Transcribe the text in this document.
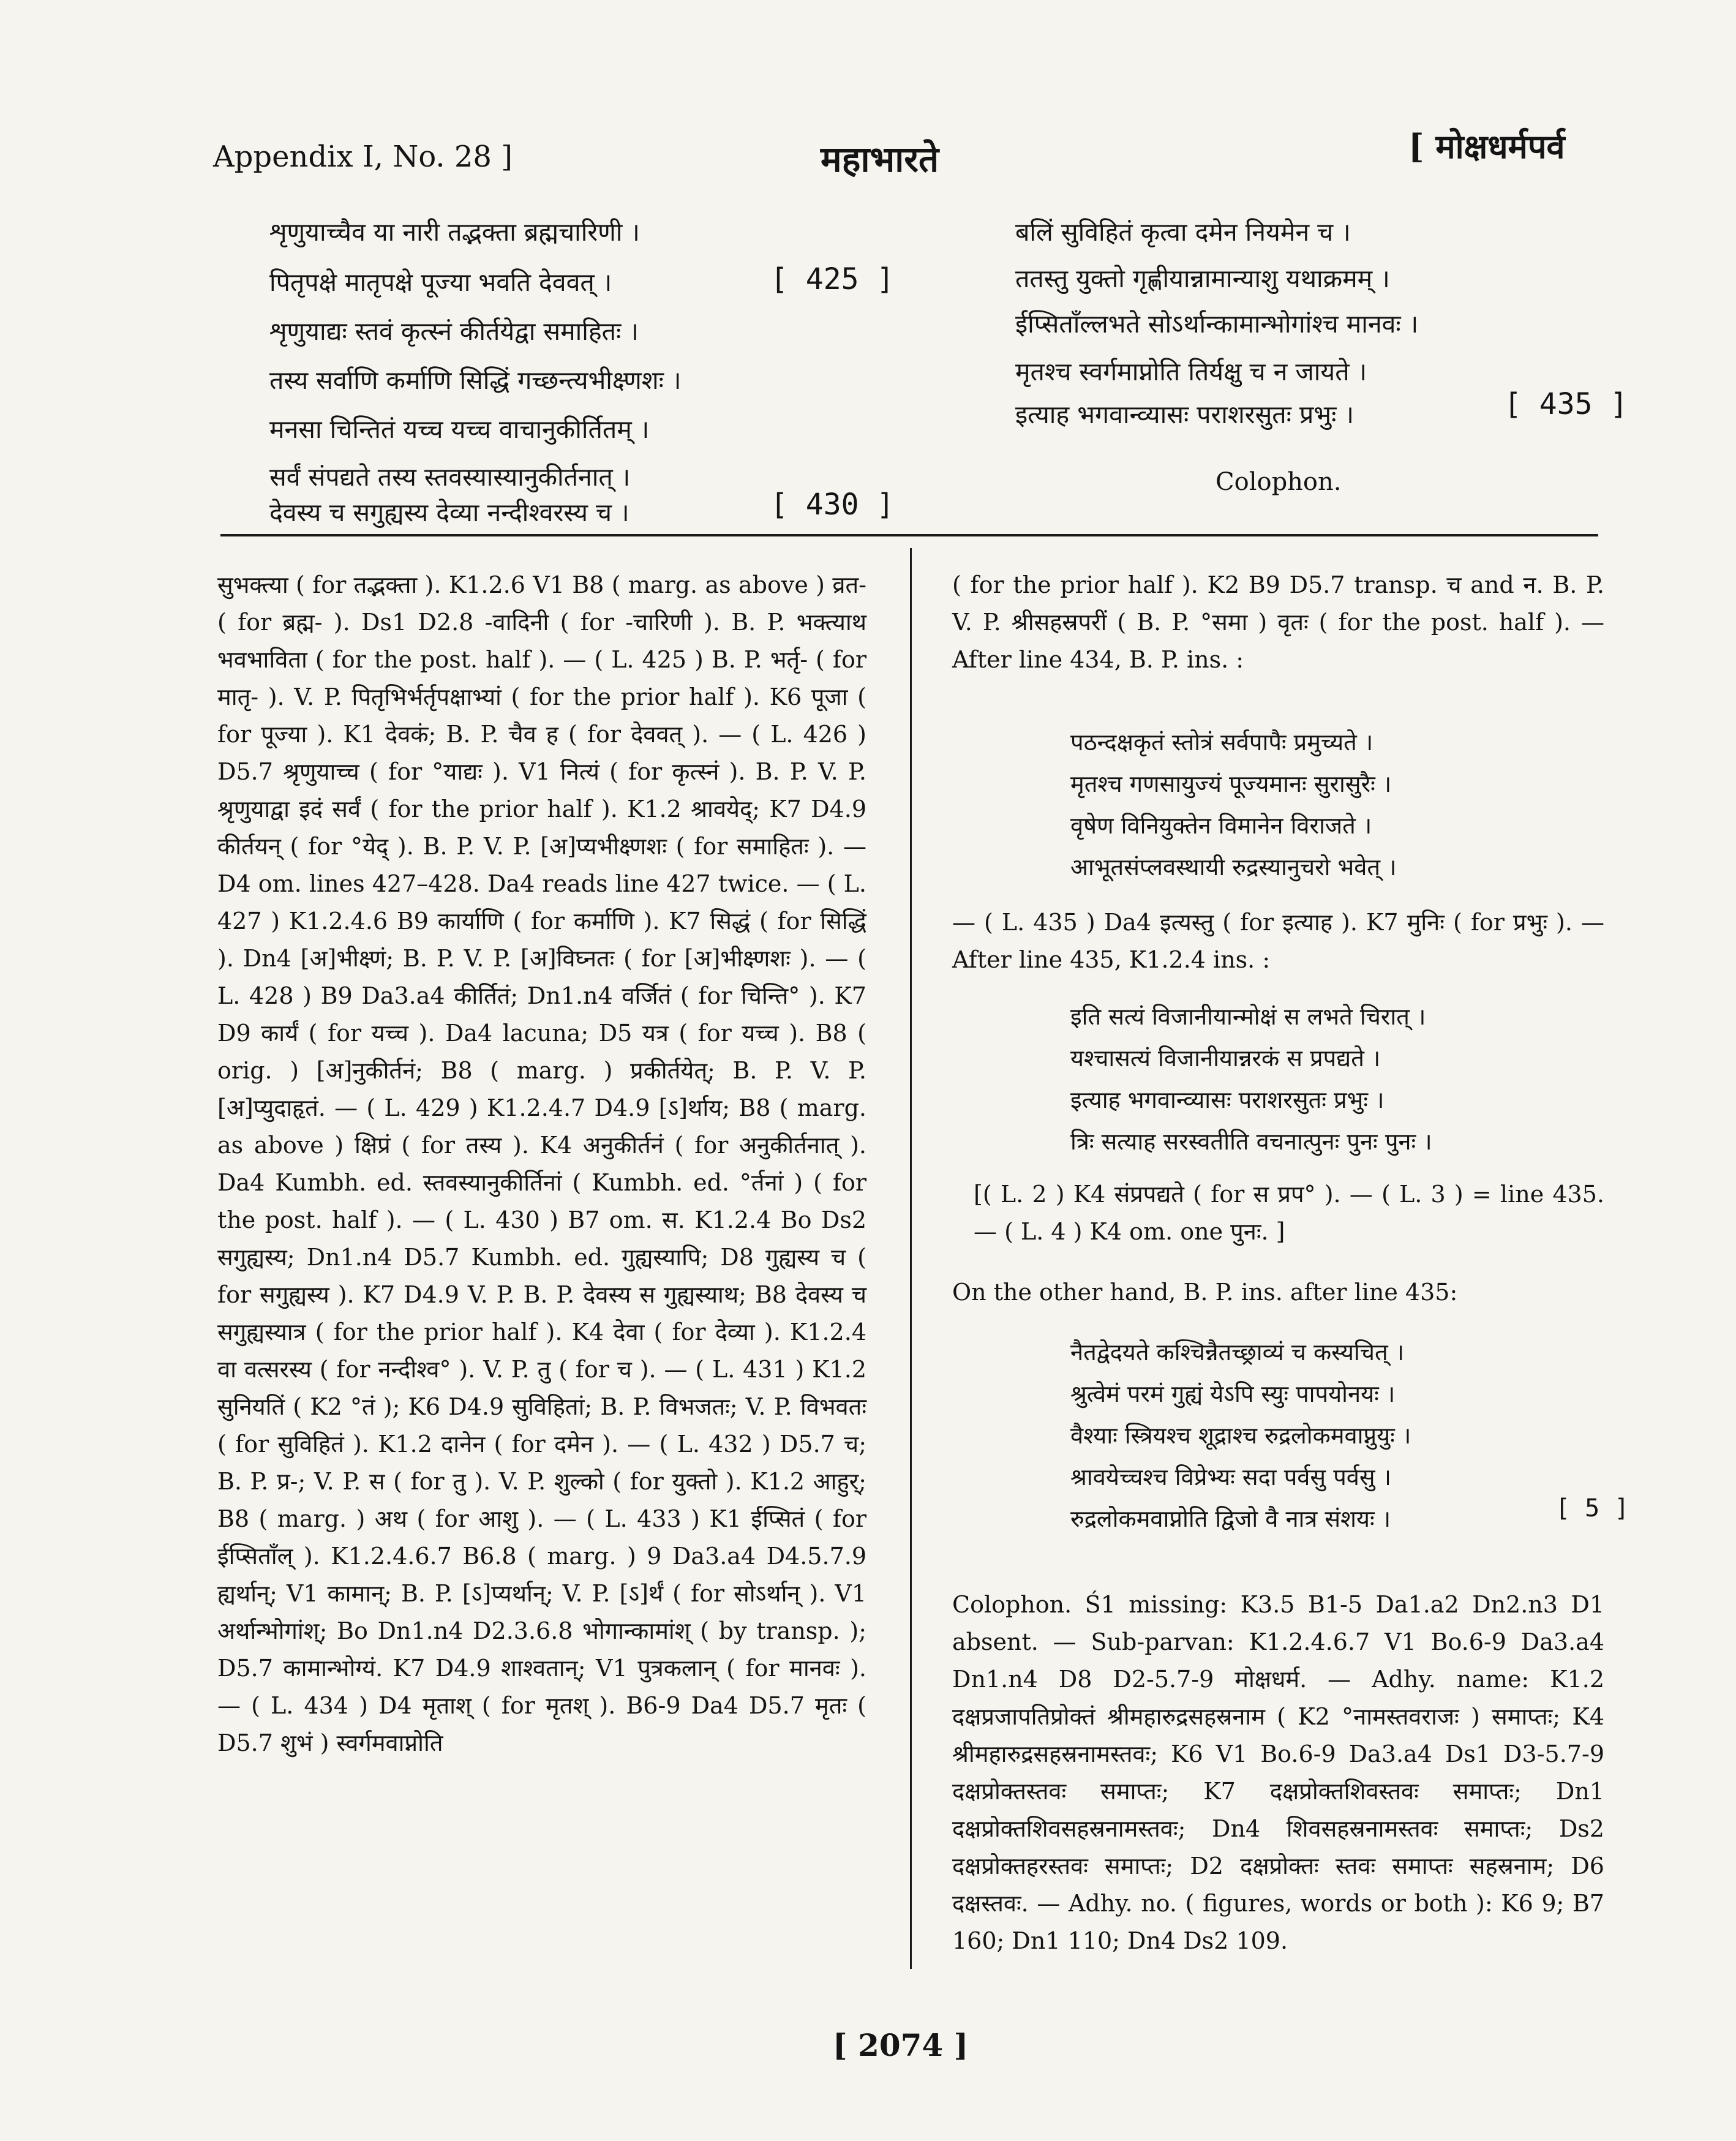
Appendix I, No. 28 ]	महाभारते	[ मोक्षधर्मपर्व
शृणुयाच्चैव या नारी तद्भक्ता ब्रह्मचारिणी ।
पितृपक्षे मातृपक्षे पूज्या भवति देववत् ।
शृणुयाद्यः स्तवं कृत्स्नं कीर्तयेद्वा समाहितः ।
तस्य सर्वाणि कर्माणि सिद्धिं गच्छन्त्यभीक्ष्णशः ।
मनसा चिन्तितं यच्च यच्च वाचानुकीर्तितम् ।
सर्वं संपद्यते तस्य स्तवस्यास्यानुकीर्तनात् ।
देवस्य च सगुह्यस्य देव्या नन्दीश्वरस्य च ।
[ 425 ]
[ 430 ]
बलिं सुविहितं कृत्वा दमेन नियमेन च ।
ततस्तु युक्तो गृह्णीयान्नामान्याशु यथाक्रमम् ।
ईप्सिताँल्लभते सोऽर्थान्कामान्भोगांश्च मानवः ।
मृतश्च स्वर्गमाप्नोति तिर्यक्षु च न जायते ।
इत्याह भगवान्व्यासः पराशरसुतः प्रभुः ।	[ 435 ]
Colophon.

सुभक्त्या ( for तद्भक्ता ). K1.2.6 V1 B8 ( marg. as above ) व्रत- ( for ब्रह्म- ). Ds1 D2.8 -वादिनी ( for -चारिणी ). B. P. भक्त्याथ भवभाविता ( for the post. half ). — ( L. 425 ) B. P. भर्तृ- ( for मातृ- ). V. P. पितृभिर्भर्तृपक्षाभ्यां ( for the prior half ). K6 पूजा ( for पूज्या ). K1 देवकं; B. P. चैव ह ( for देववत् ). — ( L. 426 ) D5.7 श्रृणुयाच्च ( for °याद्यः ). V1 नित्यं ( for कृत्स्नं ). B. P. V. P. श्रृणुयाद्वा इदं सर्वं ( for the prior half ). K1.2 श्रावयेद्; K7 D4.9 कीर्तयन् ( for °येद् ). B. P. V. P. [अ]प्यभीक्ष्णशः ( for समाहितः ). — D4 om. lines 427–428. Da4 reads line 427 twice. — ( L. 427 ) K1.2.4.6 B9 कार्याणि ( for कर्माणि ). K7 सिद्धं ( for सिद्धिं ). Dn4 [अ]भीक्ष्णं; B. P. V. P. [अ]विघ्नतः ( for [अ]भीक्ष्णशः ). — ( L. 428 ) B9 Da3.a4 कीर्तितं; Dn1.n4 वर्जितं ( for चिन्ति° ). K7 D9 कार्यं ( for यच्च ). Da4 lacuna; D5 यत्र ( for यच्च ). B8 ( orig. ) [अ]नुकीर्तनं; B8 ( marg. ) प्रकीर्तयेत्; B. P. V. P. [अ]प्युदाहृतं. — ( L. 429 ) K1.2.4.7 D4.9 [ऽ]र्थाय; B8 ( marg. as above ) क्षिप्रं ( for तस्य ). K4 अनुकीर्तनं ( for अनुकीर्तनात् ). Da4 Kumbh. ed. स्तवस्यानुकीर्तिनां ( Kumbh. ed. °र्तनां ) ( for the post. half ). — ( L. 430 ) B7 om. स. K1.2.4 Bo Ds2 सगुह्यस्य; Dn1.n4 D5.7 Kumbh. ed. गुह्यस्यापि; D8 गुह्यस्य च ( for सगुह्यस्य ). K7 D4.9 V. P. B. P. देवस्य स गुह्यस्याथ; B8 देवस्य च सगुह्यस्यात्र ( for the prior half ). K4 देवा ( for देव्या ). K1.2.4 वा वत्सरस्य ( for नन्दीश्व° ). V. P. तु ( for च ). — ( L. 431 ) K1.2 सुनियतिं ( K2 °तं ); K6 D4.9 सुविहितां; B. P. विभजतः; V. P. विभवतः ( for सुविहितं ). K1.2 दानेन ( for दमेन ). — ( L. 432 ) D5.7 च; B. P. प्र-; V. P. स ( for तु ). V. P. शुल्को ( for युक्तो ). K1.2 आहुर्; B8 ( marg. ) अथ ( for आशु ). — ( L. 433 ) K1 ईप्सितं ( for ईप्सिताँल् ). K1.2.4.6.7 B6.8 ( marg. ) 9 Da3.a4 D4.5.7.9 ह्यर्थान्; V1 कामान्; B. P. [ऽ]प्यर्थान्; V. P. [ऽ]र्थं ( for सोऽर्थान् ). V1 अर्थान्भोगांश्; Bo Dn1.n4 D2.3.6.8 भोगान्कामांश् ( by transp. ); D5.7 कामान्भोग्यं. K7 D4.9 शाश्वतान्; V1 पुत्रकलान् ( for मानवः ). — ( L. 434 ) D4 मृताश् ( for मृतश् ). B6-9 Da4 D5.7 मृतः ( D5.7 शुभं ) स्वर्गमवाप्नोति

( for the prior half ). K2 B9 D5.7 transp. च and न. B. P. V. P. श्रीसहस्रपरीं ( B. P. °समा ) वृतः ( for the post. half ). — After line 434, B. P. ins. :

पठन्दक्षकृतं स्तोत्रं सर्वपापैः प्रमुच्यते ।
मृतश्च गणसायुज्यं पूज्यमानः सुरासुरैः ।
वृषेण विनियुक्तेन विमानेन विराजते ।
आभूतसंप्लवस्थायी रुद्रस्यानुचरो भवेत् ।

— ( L. 435 ) Da4 इत्यस्तु ( for इत्याह ). K7 मुनिः ( for प्रभुः ). — After line 435, K1.2.4 ins. :

इति सत्यं विजानीयान्मोक्षं स लभते चिरात् ।
यश्चासत्यं विजानीयान्नरकं स प्रपद्यते ।
इत्याह भगवान्व्यासः पराशरसुतः प्रभुः ।
त्रिः सत्याह सरस्वतीति वचनात्पुनः पुनः पुनः ।

[( L. 2 ) K4 संप्रपद्यते ( for स प्रप° ). — ( L. 3 ) = line 435. — ( L. 4 ) K4 om. one पुनः. ]

On the other hand, B. P. ins. after line 435:

नैतद्वेदयते कश्चिन्नैतच्छ्राव्यं च कस्यचित् ।
श्रुत्वेमं परमं गुह्यं येऽपि स्युः पापयोनयः ।
वैश्याः स्त्रियश्च शूद्राश्च रुद्रलोकमवाप्नुयुः ।
श्रावयेच्चश्च विप्रेभ्यः सदा पर्वसु पर्वसु ।
रुद्रलोकमवाप्नोति द्विजो वै नात्र संशयः ।	[ 5 ]

Colophon. Ś1 missing: K3.5 B1-5 Da1.a2 Dn2.n3 D1 absent. — Sub-parvan: K1.2.4.6.7 V1 Bo.6-9 Da3.a4 Dn1.n4 D8 D2-5.7-9 मोक्षधर्म. — Adhy. name: K1.2 दक्षप्रजापतिप्रोक्तं श्रीमहारुद्रसहस्रनाम ( K2 °नामस्तवराजः ) समाप्तः; K4 श्रीमहारुद्रसहस्रनामस्तवः; K6 V1 Bo.6-9 Da3.a4 Ds1 D3-5.7-9 दक्षप्रोक्तस्तवः समाप्तः; K7 दक्षप्रोक्तशिवस्तवः समाप्तः; Dn1 दक्षप्रोक्तशिवसहस्रनामस्तवः; Dn4 शिवसहस्रनामस्तवः समाप्तः; Ds2 दक्षप्रोक्तहरस्तवः समाप्तः; D2 दक्षप्रोक्तः स्तवः समाप्तः सहस्रनाम; D6 दक्षस्तवः. — Adhy. no. ( figures, words or both ): K6 9; B7 160; Dn1 110; Dn4 Ds2 109.

[ 2074 ]
